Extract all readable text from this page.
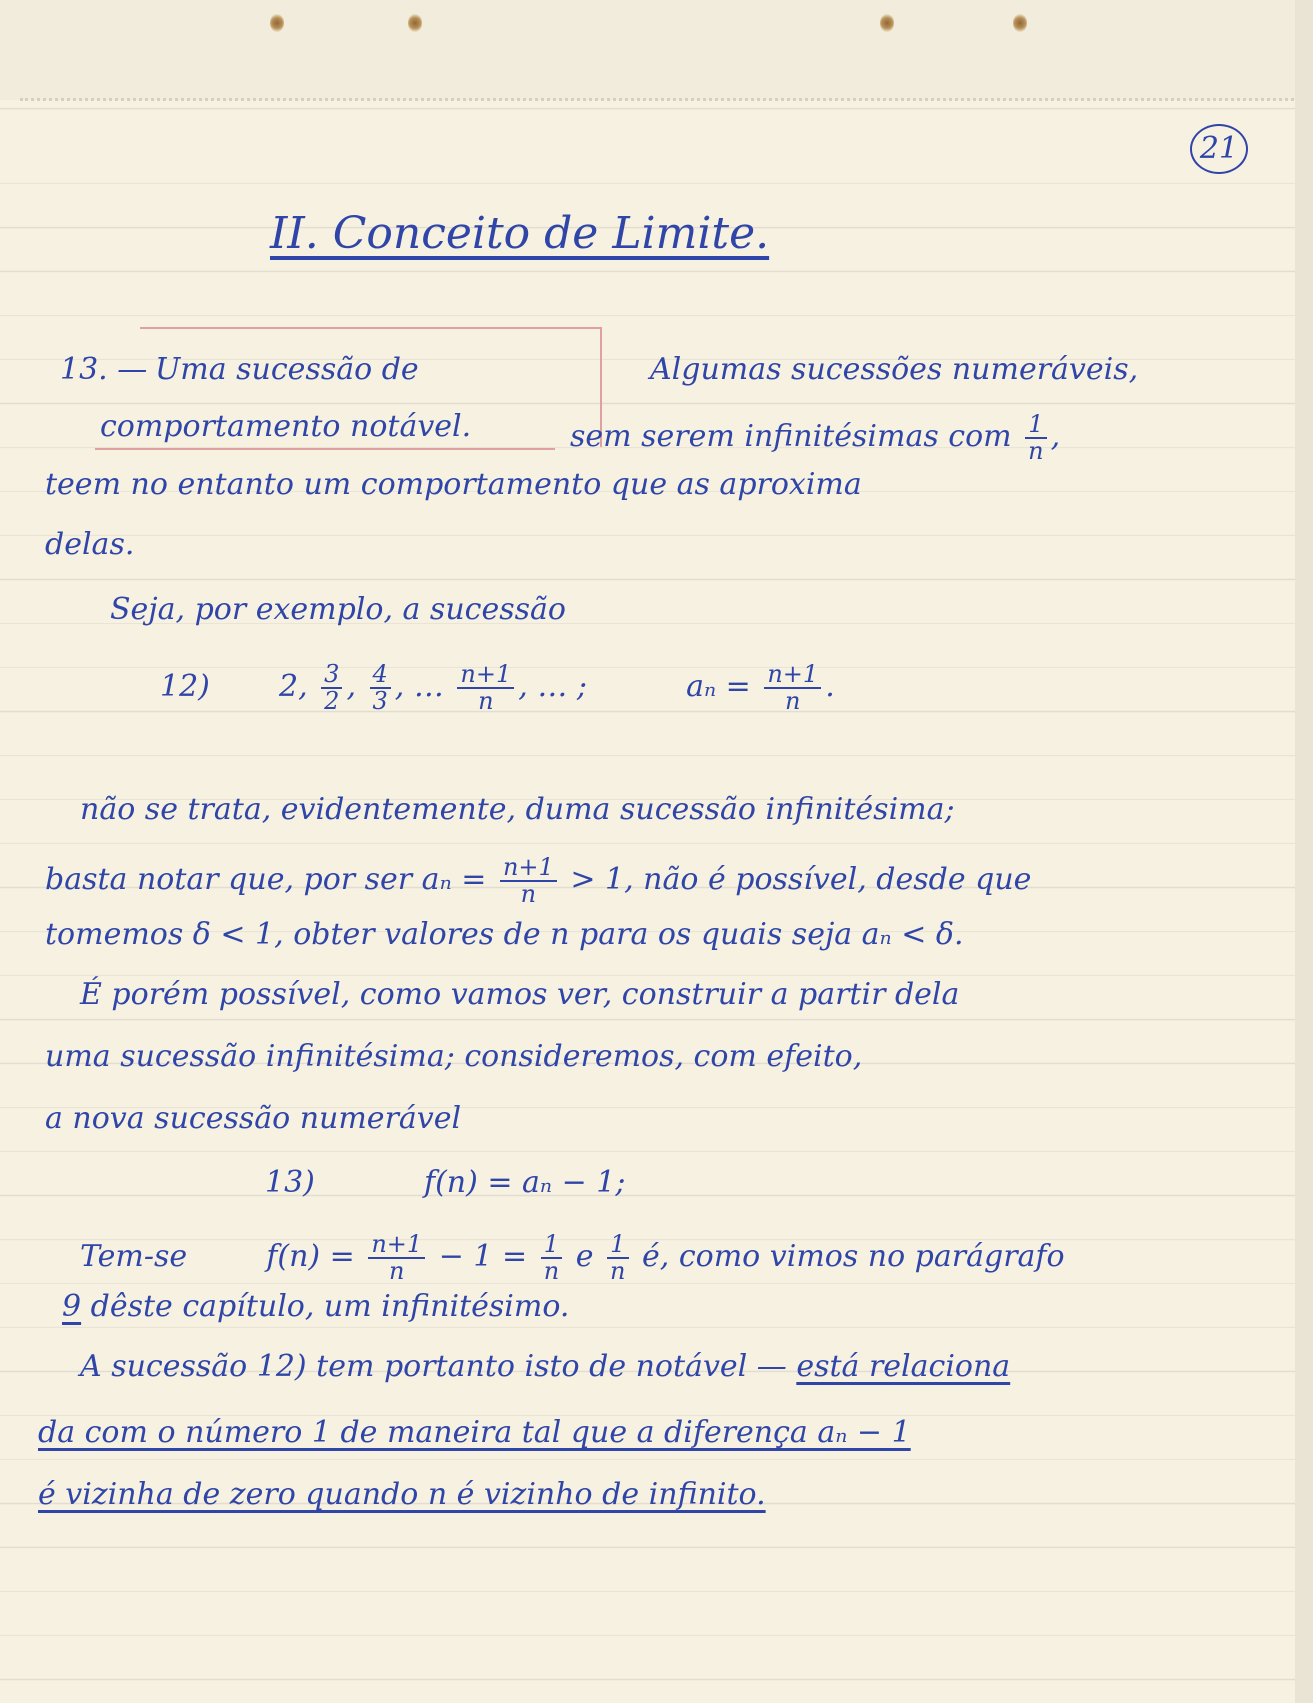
21
II. Conceito de Limite.
13. — Uma sucessão de
comportamento notável.
Algumas sucessões numeráveis,
sem serem infinitésimas com $\frac{1}{n}$ ,
teem no entanto um comportamento que as aproxima
delas.
Seja, por exemplo, a sucessão
12) 2, $\frac{3}{2}$ , $\frac{4}{3}$ , … $\frac{n+1}{n}$ , … ;	$a_n = \frac{n+1}{n}$ .
não se trata, evidentemente, duma sucessão infinitésima;
basta notar que, por ser $a_n = \frac{n+1}{n} > 1$, não é possível, desde que
tomemos δ < 1, obter valores de n para os quais seja aₙ < δ.
É porém possível, como vamos ver, construir a partir dela
uma sucessão infinitésima; consideremos, com efeito,
a nova sucessão numerável
13)	f(n) = aₙ − 1;
Tem-se	$f(n) = \frac{n+1}{n} - 1 = \frac{1}{n}$ e $\frac{1}{n}$ é, como vimos no parágrafo
9 dêste capítulo, um infinitésimo.
A sucessão 12) tem portanto isto de notável — está relaciona
da com o número 1 de maneira tal que a diferença aₙ − 1
é vizinha de zero quando n é vizinho de infinito.
